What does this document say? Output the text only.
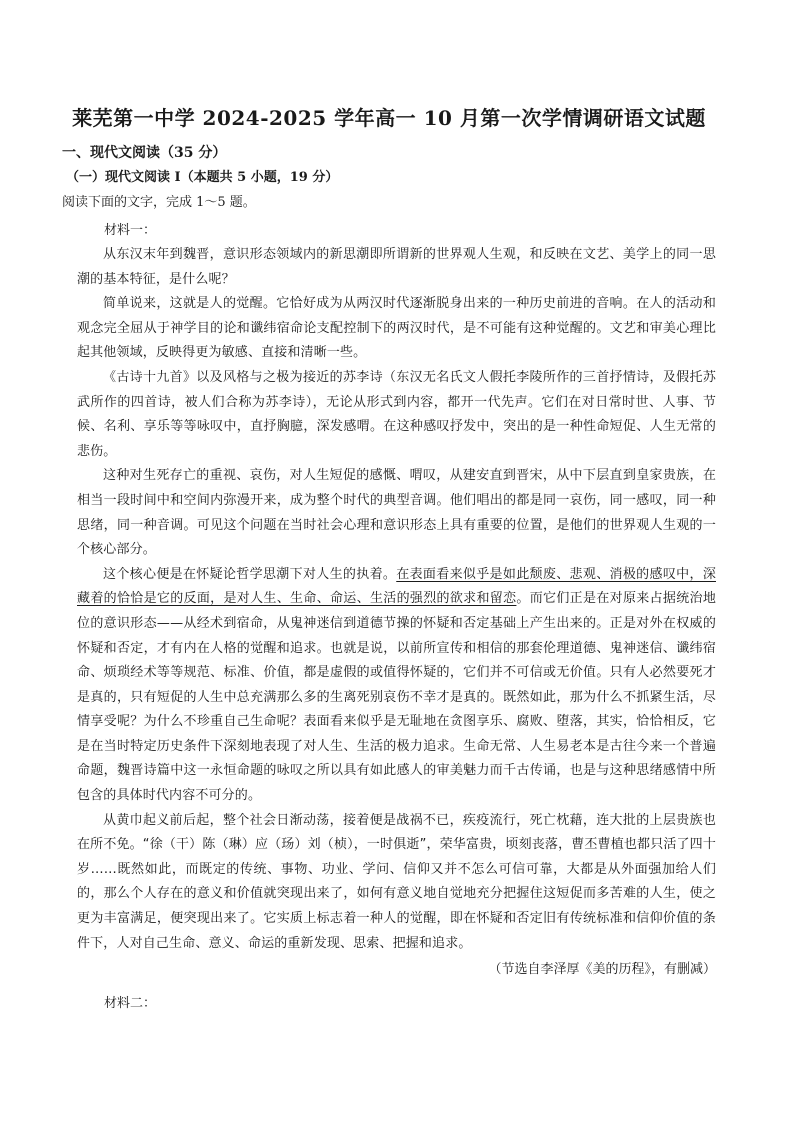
莱芜第一中学 2024-2025 学年高一 10 月第一次学情调研语文试题
一、现代文阅读（35 分）
（一）现代文阅读 I（本题共 5 小题，19 分）
阅读下面的文字，完成 1～5 题。
材料一：

从东汉末年到魏晋，意识形态领域内的新思潮即所谓新的世界观人生观，和反映在文艺、美学上的同一思潮的基本特征，是什么呢？

简单说来，这就是人的觉醒。它恰好成为从两汉时代逐渐脱身出来的一种历史前进的音响。在人的活动和观念完全屈从于神学目的论和谶纬宿命论支配控制下的两汉时代，是不可能有这种觉醒的。文艺和审美心理比起其他领域，反映得更为敏感、直接和清晰一些。

《古诗十九首》以及风格与之极为接近的苏李诗（东汉无名氏文人假托李陵所作的三首抒情诗，及假托苏武所作的四首诗，被人们合称为苏李诗），无论从形式到内容，都开一代先声。它们在对日常时世、人事、节候、名利、享乐等等咏叹中，直抒胸臆，深发感喟。在这种感叹抒发中，突出的是一种性命短促、人生无常的悲伤。

这种对生死存亡的重视、哀伤，对人生短促的感慨、喟叹，从建安直到晋宋，从中下层直到皇家贵族，在相当一段时间中和空间内弥漫开来，成为整个时代的典型音调。他们唱出的都是同一哀伤，同一感叹，同一种思绪，同一种音调。可见这个问题在当时社会心理和意识形态上具有重要的位置，是他们的世界观人生观的一个核心部分。

这个核心便是在怀疑论哲学思潮下对人生的执着。在表面看来似乎是如此颓废、悲观、消极的感叹中，深藏着的恰恰是它的反面，是对人生、生命、命运、生活的强烈的欲求和留恋。而它们正是在对原来占据统治地位的意识形态——从经术到宿命，从鬼神迷信到道德节操的怀疑和否定基础上产生出来的。正是对外在权威的怀疑和否定，才有内在人格的觉醒和追求。也就是说，以前所宣传和相信的那套伦理道德、鬼神迷信、谶纬宿命、烦琐经术等等规范、标准、价值，都是虚假的或值得怀疑的，它们并不可信或无价值。只有人必然要死才是真的，只有短促的人生中总充满那么多的生离死别哀伤不幸才是真的。既然如此，那为什么不抓紧生活，尽情享受呢？为什么不珍重自己生命呢？表面看来似乎是无耻地在贪图享乐、腐败、堕落，其实，恰恰相反，它是在当时特定历史条件下深刻地表现了对人生、生活的极力追求。生命无常、人生易老本是古往今来一个普遍命题，魏晋诗篇中这一永恒命题的咏叹之所以具有如此感人的审美魅力而千古传诵，也是与这种思绪感情中所包含的具体时代内容不可分的。

从黄巾起义前后起，整个社会日渐动荡，接着便是战祸不已，疾疫流行，死亡枕藉，连大批的上层贵族也在所不免。“徐（干）陈（琳）应（玚）刘（桢），一时俱逝”，荣华富贵，顷刻丧落，曹丕曹植也都只活了四十岁……既然如此，而既定的传统、事物、功业、学问、信仰又并不怎么可信可靠，大都是从外面强加给人们的，那么个人存在的意义和价值就突现出来了，如何有意义地自觉地充分把握住这短促而多苦难的人生，使之更为丰富满足，便突现出来了。它实质上标志着一种人的觉醒，即在怀疑和否定旧有传统标准和信仰价值的条件下，人对自己生命、意义、命运的重新发现、思索、把握和追求。

（节选自李泽厚《美的历程》，有删减）
材料二：
